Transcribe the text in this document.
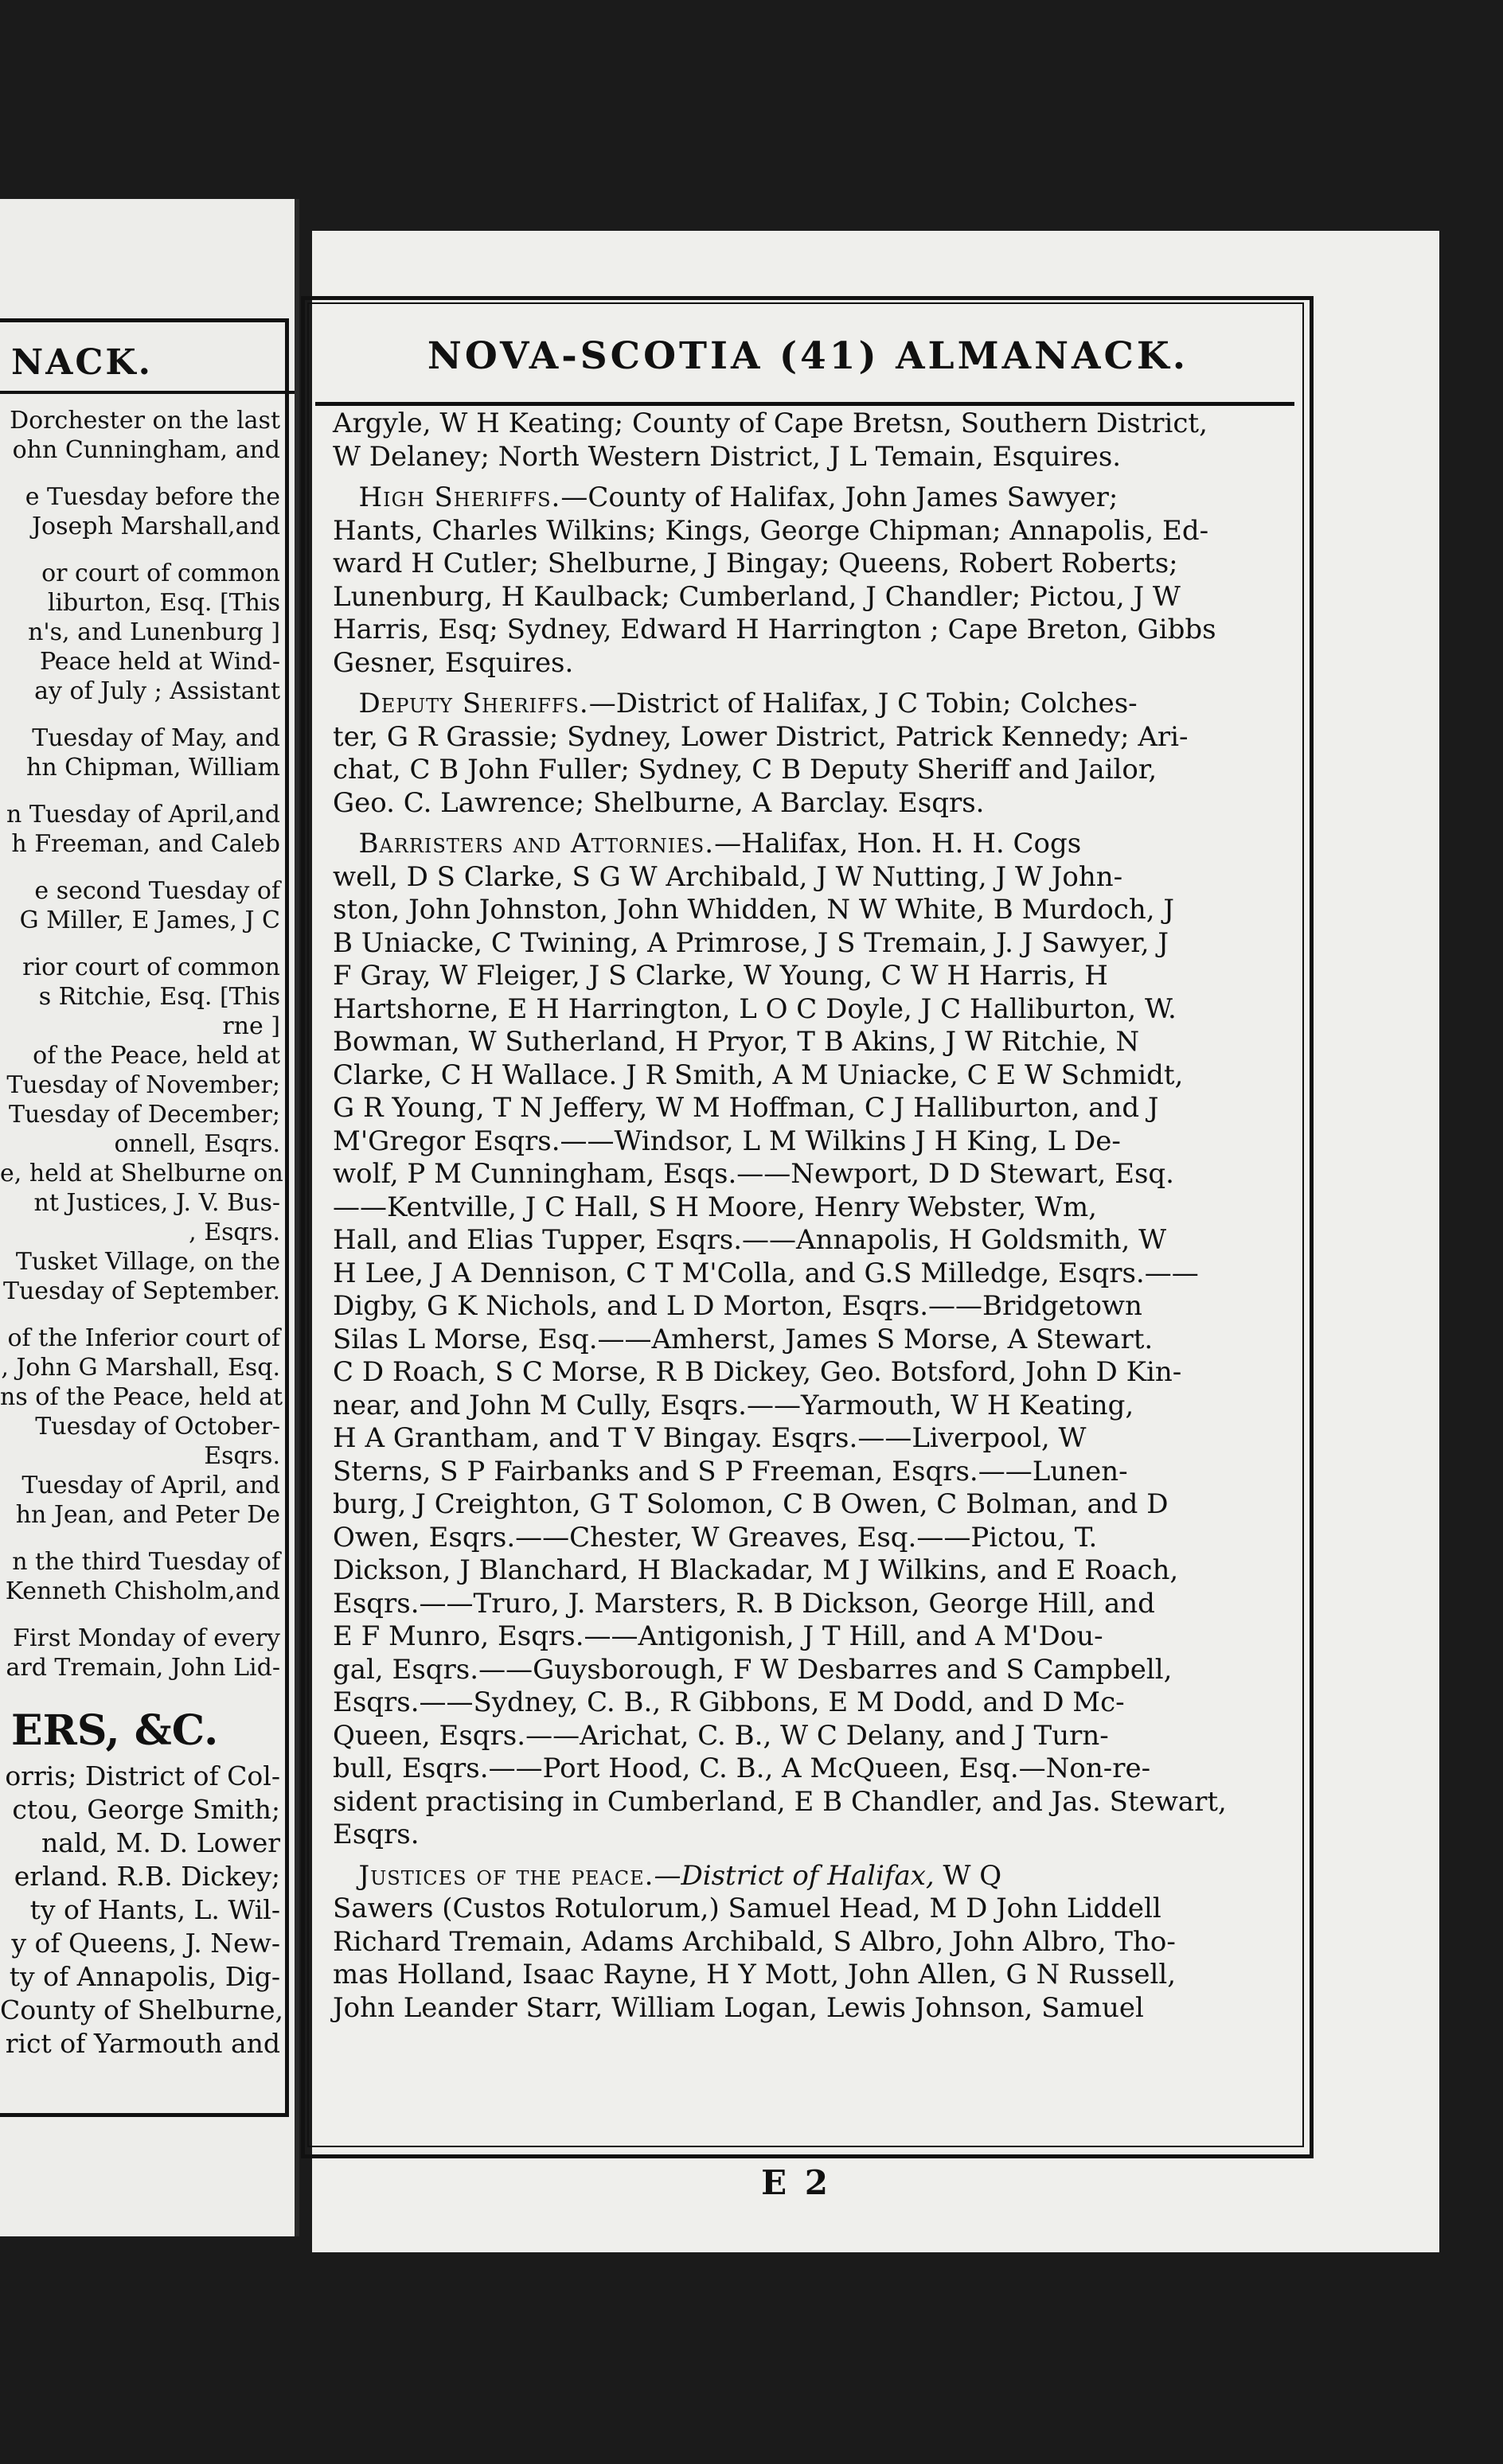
NACK.
Dorchester on the last
ohn Cunningham, and
e Tuesday before the
Joseph Marshall,and
or court of common
liburton, Esq. [This
n's, and Lunenburg ]
Peace held at Wind-
ay of July ; Assistant
Tuesday of May, and
hn Chipman, William
n Tuesday of April,and
h Freeman, and Caleb
e second Tuesday of
G Miller, E James, J C
rior court of common
s Ritchie, Esq. [This
rne ]
of the Peace, held at
Tuesday of November;
Tuesday of December;
onnell, Esqrs.
e, held at Shelburne on
nt Justices, J. V. Bus-
, Esqrs.
Tusket Village, on the
Tuesday of September.
of the Inferior court of
, John G Marshall, Esq.
ns of the Peace, held at
Tuesday of October-
Esqrs.
Tuesday of April, and
hn Jean, and Peter De
n the third Tuesday of
Kenneth Chisholm,and
First Monday of every
ard Tremain, John Lid-
ERS, &C.
orris; District of Col-
ctou, George Smith;
nald, M. D. Lower
erland. R.B. Dickey;
ty of Hants, L. Wil-
y of Queens, J. New-
ty of Annapolis, Dig-
County of Shelburne,
rict of Yarmouth and
NOVA-SCOTIA (41) ALMANACK.
Argyle, W H Keating; County of Cape Bretsn, Southern District,
W Delaney; North Western District, J L Temain, Esquires.
High Sheriffs.—County of Halifax, John James Sawyer;
Hants, Charles Wilkins; Kings, George Chipman; Annapolis, Ed-
ward H Cutler; Shelburne, J Bingay; Queens, Robert Roberts;
Lunenburg, H Kaulback; Cumberland, J Chandler; Pictou, J W
Harris, Esq; Sydney, Edward H Harrington ; Cape Breton, Gibbs
Gesner, Esquires.
Deputy Sheriffs.—District of Halifax, J C Tobin; Colches-
ter, G R Grassie; Sydney, Lower District, Patrick Kennedy; Ari-
chat, C B John Fuller; Sydney, C B Deputy Sheriff and Jailor,
Geo. C. Lawrence; Shelburne, A Barclay. Esqrs.
Barristers and Attornies.—Halifax, Hon. H. H. Cogs
well, D S Clarke, S G W Archibald, J W Nutting, J W John-
ston, John Johnston, John Whidden, N W White, B Murdoch, J
B Uniacke, C Twining, A Primrose, J S Tremain, J. J Sawyer, J
F Gray, W Fleiger, J S Clarke, W Young, C W H Harris, H
Hartshorne, E H Harrington, L O C Doyle, J C Halliburton, W.
Bowman, W Sutherland, H Pryor, T B Akins, J W Ritchie, N
Clarke, C H Wallace. J R Smith, A M Uniacke, C E W Schmidt,
G R Young, T N Jeffery, W M Hoffman, C J Halliburton, and J
M'Gregor Esqrs.——Windsor, L M Wilkins J H King, L De-
wolf, P M Cunningham, Esqs.——Newport, D D Stewart, Esq.
——Kentville, J C Hall, S H Moore, Henry Webster, Wm,
Hall, and Elias Tupper, Esqrs.——Annapolis, H Goldsmith, W
H Lee, J A Dennison, C T M'Colla, and G.S Milledge, Esqrs.——
Digby, G K Nichols, and L D Morton, Esqrs.——Bridgetown
Silas L Morse, Esq.——Amherst, James S Morse, A Stewart.
C D Roach, S C Morse, R B Dickey, Geo. Botsford, John D Kin-
near, and John M Cully, Esqrs.——Yarmouth, W H Keating,
H A Grantham, and T V Bingay. Esqrs.——Liverpool, W
Sterns, S P Fairbanks and S P Freeman, Esqrs.——Lunen-
burg, J Creighton, G T Solomon, C B Owen, C Bolman, and D
Owen, Esqrs.——Chester, W Greaves, Esq.——Pictou, T.
Dickson, J Blanchard, H Blackadar, M J Wilkins, and E Roach,
Esqrs.——Truro, J. Marsters, R. B Dickson, George Hill, and
E F Munro, Esqrs.——Antigonish, J T Hill, and A M'Dou-
gal, Esqrs.——Guysborough, F W Desbarres and S Campbell,
Esqrs.——Sydney, C. B., R Gibbons, E M Dodd, and D Mc-
Queen, Esqrs.——Arichat, C. B., W C Delany, and J Turn-
bull, Esqrs.——Port Hood, C. B., A McQueen, Esq.—Non-re-
sident practising in Cumberland, E B Chandler, and Jas. Stewart,
Esqrs.
Justices of the peace.—District of Halifax, W Q
Sawers (Custos Rotulorum,) Samuel Head, M D John Liddell
Richard Tremain, Adams Archibald, S Albro, John Albro, Tho-
mas Holland, Isaac Rayne, H Y Mott, John Allen, G N Russell,
John Leander Starr, William Logan, Lewis Johnson, Samuel
E 2
